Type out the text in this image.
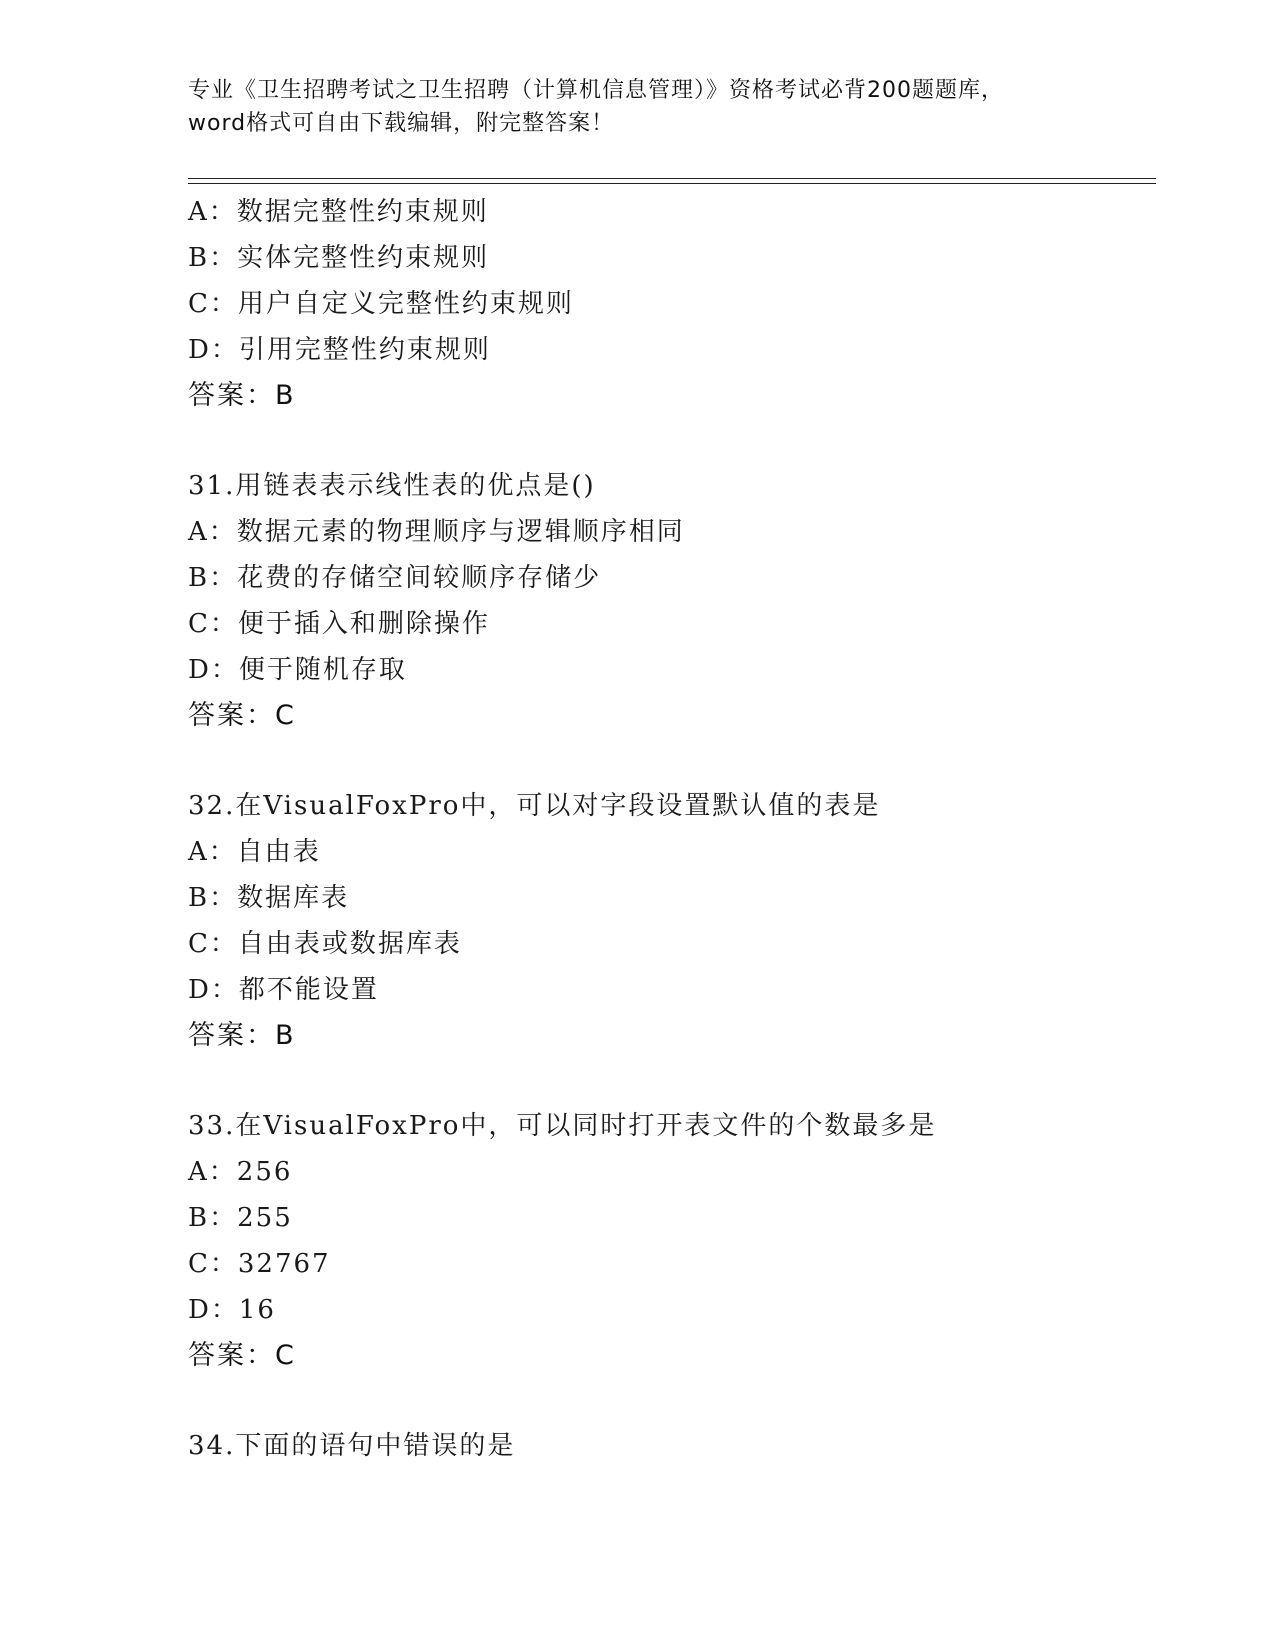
专业《卫生招聘考试之卫生招聘（计算机信息管理）》资格考试必背200题题库，
word格式可自由下载编辑，附完整答案！
A：数据完整性约束规则
B：实体完整性约束规则
C：用户自定义完整性约束规则
D：引用完整性约束规则
答案：B
31.用链表表示线性表的优点是()
A：数据元素的物理顺序与逻辑顺序相同
B：花费的存储空间较顺序存储少
C：便于插入和删除操作
D：便于随机存取
答案：C
32.在VisualFoxPro中，可以对字段设置默认值的表是
A：自由表
B：数据库表
C：自由表或数据库表
D：都不能设置
答案：B
33.在VisualFoxPro中，可以同时打开表文件的个数最多是
A：256
B：255
C：32767
D：16
答案：C
34.下面的语句中错误的是
